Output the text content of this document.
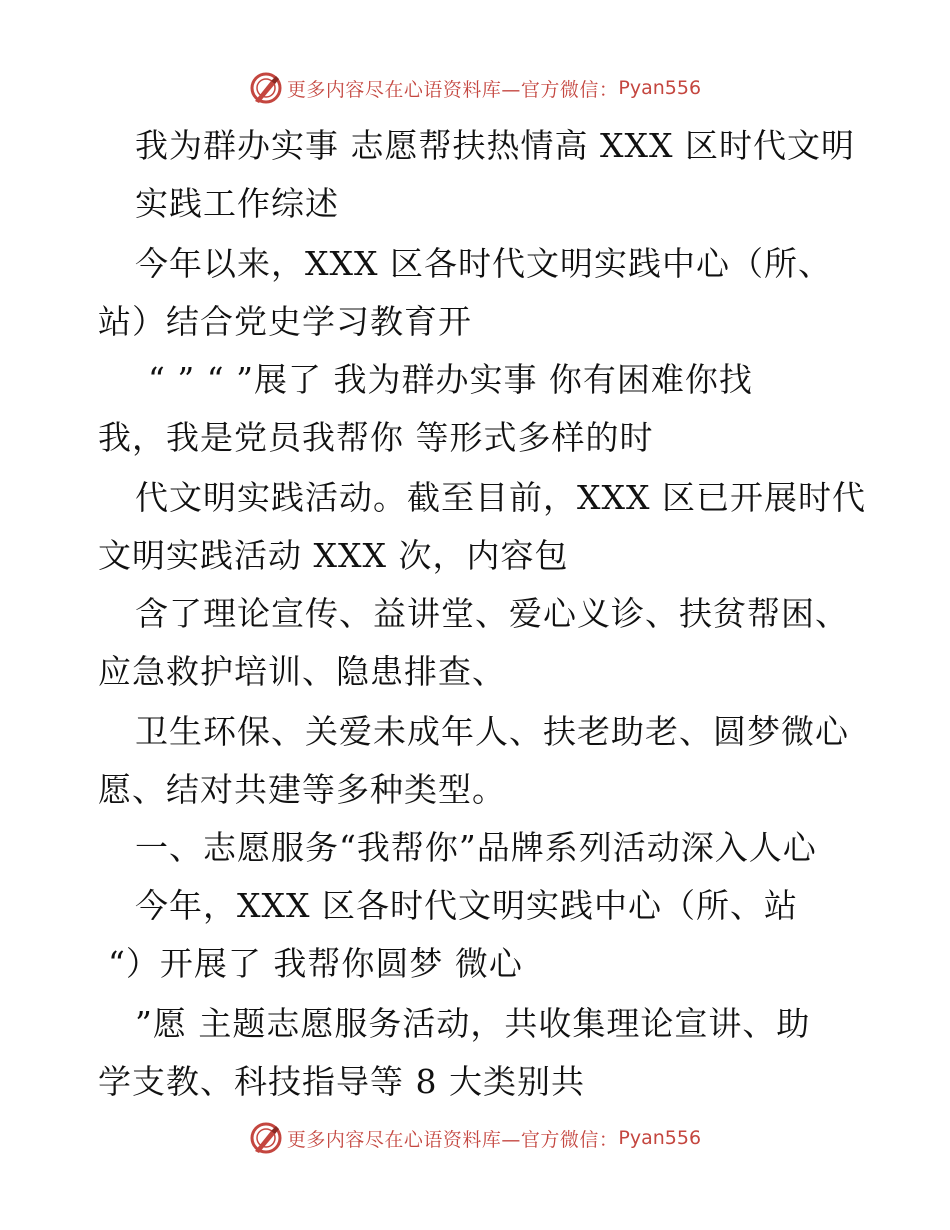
更多内容尽在心语资料库—官方微信： Pyan556
我为群办实事 志愿帮扶热情高 XXX 区时代文明
实践工作综述
今年以来，XXX 区各时代文明实践中心（所、
站）结合党史学习教育开
“ ” “ ”展了 我为群办实事 你有困难你找
我，我是党员我帮你 等形式多样的时
代文明实践活动。截至目前，XXX 区已开展时代
文明实践活动 XXX 次，内容包
含了理论宣传、益讲堂、爱心义诊、扶贫帮困、
应急救护培训、隐患排查、
卫生环保、关爱未成年人、扶老助老、圆梦微心
愿、结对共建等多种类型。
一、志愿服务“我帮你”品牌系列活动深入人心
今年，XXX 区各时代文明实践中心（所、站
“）开展了 我帮你圆梦 微心
”愿 主题志愿服务活动，共收集理论宣讲、助
学支教、科技指导等 8 大类别共
更多内容尽在心语资料库—官方微信： Pyan556
